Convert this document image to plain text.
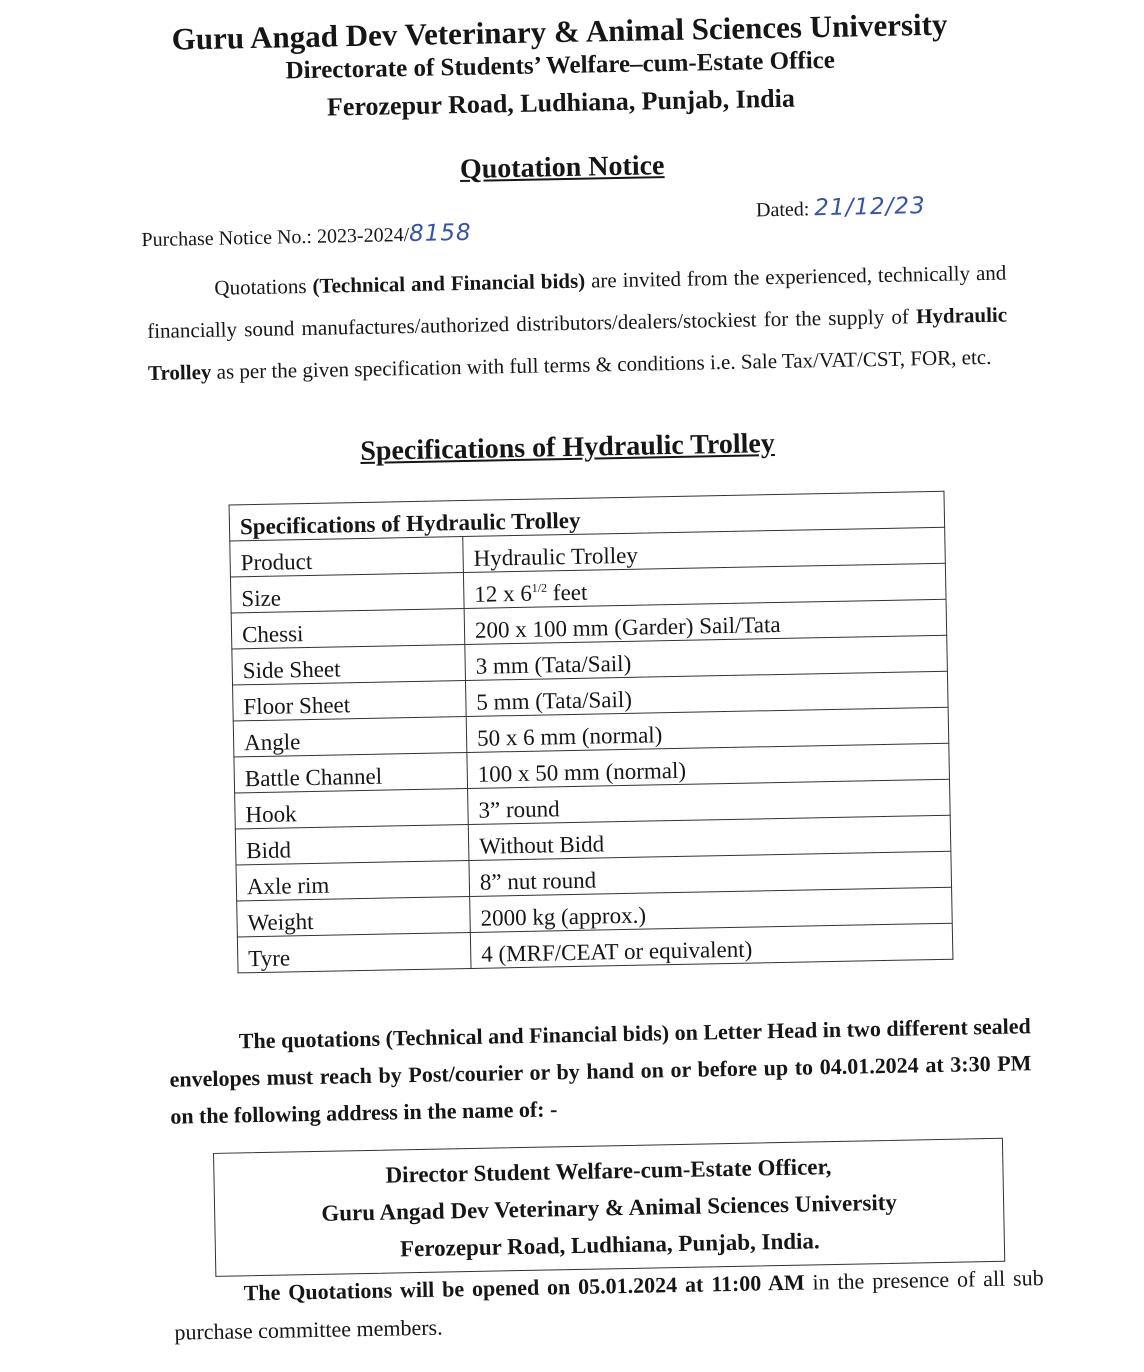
Guru Angad Dev Veterinary & Animal Sciences University
Directorate of Students’ Welfare–cum-Estate Office
Ferozepur Road, Ludhiana, Punjab, India
Quotation Notice
Purchase Notice No.: 2023-2024/8158
Dated: 21/12/23
Quotations (Technical and Financial bids) are invited from the experienced, technically and financially sound manufactures/authorized distributors/dealers/stockiest for the supply of Hydraulic Trolley as per the given specification with full terms & conditions i.e. Sale Tax/VAT/CST, FOR, etc.
Specifications of Hydraulic Trolley
Specifications of Hydraulic Trolley	
Product	Hydraulic Trolley
Size	12 x $6^{1/2}$ feet
Chessi	200 x 100 mm (Garder) Sail/Tata
Side Sheet	3 mm (Tata/Sail)
Floor Sheet	5 mm (Tata/Sail)
Angle	50 x 6 mm (normal)
Battle Channel	100 x 50 mm (normal)
Hook	3” round
Bidd	Without Bidd
Axle rim	8” nut round
Weight	2000 kg (approx.)
Tyre	4 (MRF/CEAT or equivalent)
The quotations (Technical and Financial bids) on Letter Head in two different sealed envelopes must reach by Post/courier or by hand on or before up to 04.01.2024 at 3:30 PM on the following address in the name of: -
Director Student Welfare-cum-Estate Officer,
Guru Angad Dev Veterinary & Animal Sciences University
Ferozepur Road, Ludhiana, Punjab, India.
The Quotations will be opened on 05.01.2024 at 11:00 AM in the presence of all sub purchase committee members.
